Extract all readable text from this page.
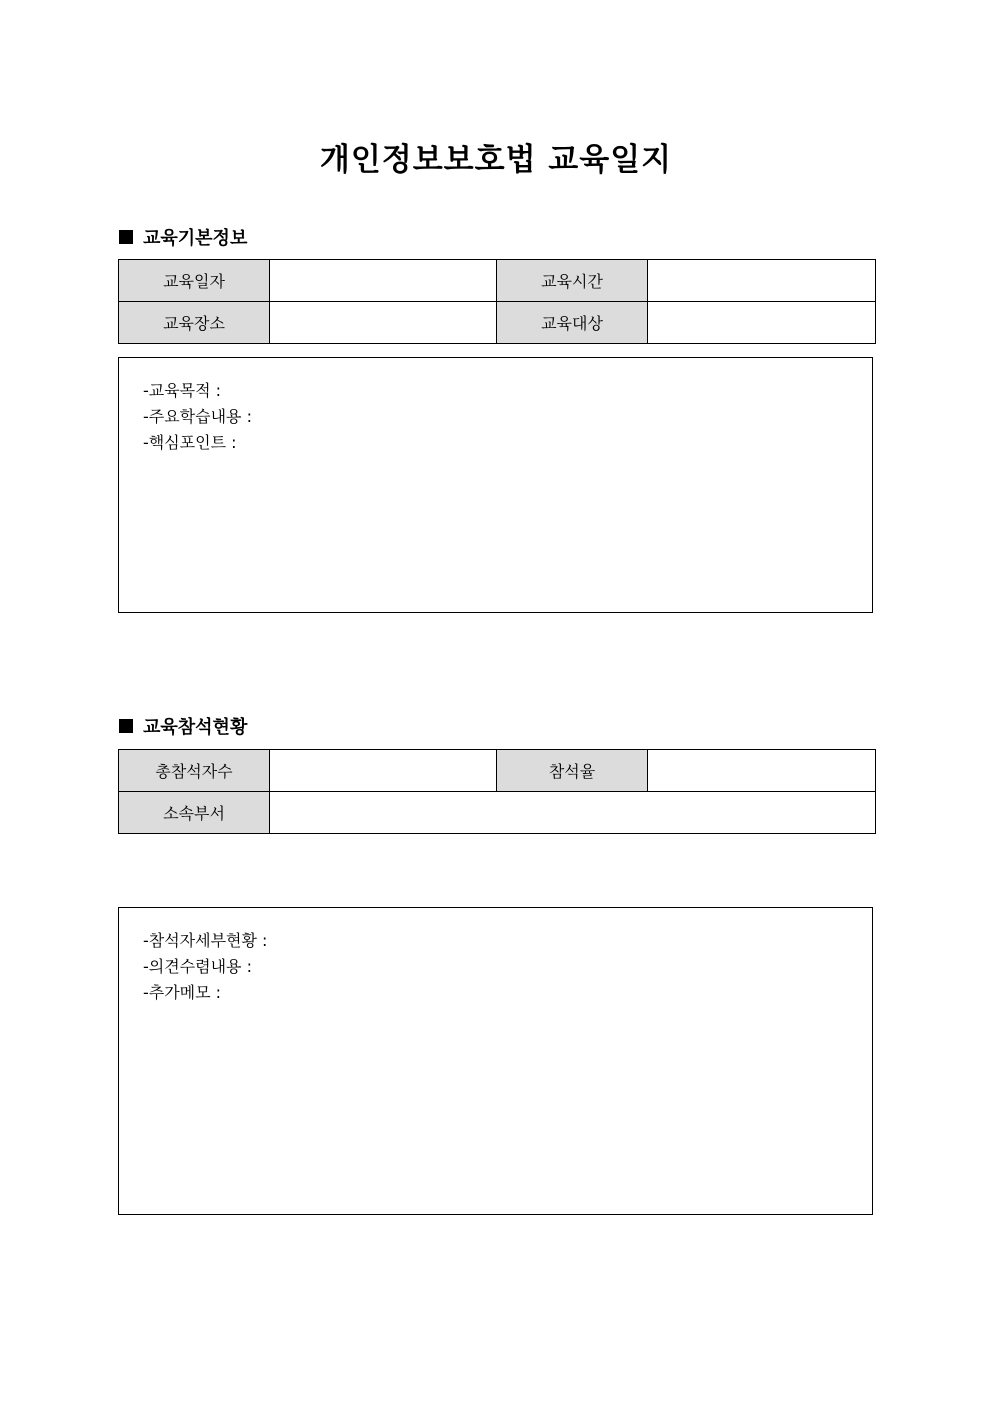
개인정보보호법 교육일지
교육기본정보
교육일자		교육시간	
교육장소		교육대상	
-교육목적 :
-주요학습내용 :
-핵심포인트 :
교육참석현황
총참석자수		참석율	
소속부서			
-참석자세부현황 :
-의견수렴내용 :
-추가메모 :
